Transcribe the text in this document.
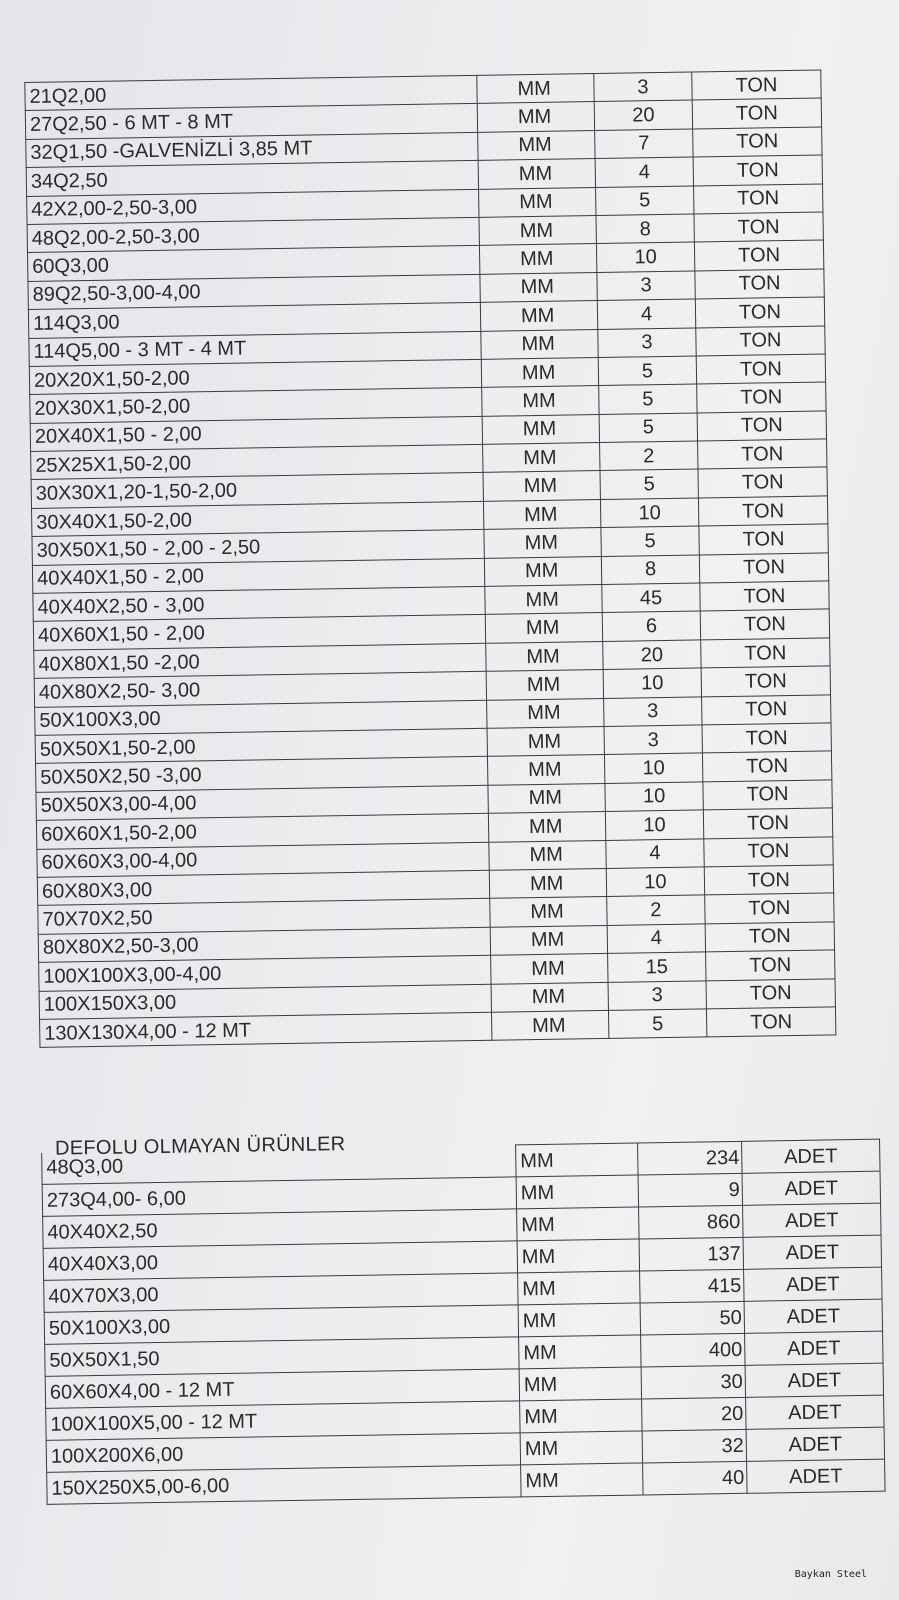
21Q2,00	MM	3	TON
27Q2,50 - 6 MT - 8 MT	MM	20	TON
32Q1,50 -GALVENİZLİ 3,85 MT	MM	7	TON
34Q2,50	MM	4	TON
42X2,00-2,50-3,00	MM	5	TON
48Q2,00-2,50-3,00	MM	8	TON
60Q3,00	MM	10	TON
89Q2,50-3,00-4,00	MM	3	TON
114Q3,00	MM	4	TON
114Q5,00 - 3 MT - 4 MT	MM	3	TON
20X20X1,50-2,00	MM	5	TON
20X30X1,50-2,00	MM	5	TON
20X40X1,50 - 2,00	MM	5	TON
25X25X1,50-2,00	MM	2	TON
30X30X1,20-1,50-2,00	MM	5	TON
30X40X1,50-2,00	MM	10	TON
30X50X1,50 - 2,00 - 2,50	MM	5	TON
40X40X1,50 - 2,00	MM	8	TON
40X40X2,50 - 3,00	MM	45	TON
40X60X1,50 - 2,00	MM	6	TON
40X80X1,50 -2,00	MM	20	TON
40X80X2,50- 3,00	MM	10	TON
50X100X3,00	MM	3	TON
50X50X1,50-2,00	MM	3	TON
50X50X2,50 -3,00	MM	10	TON
50X50X3,00-4,00	MM	10	TON
60X60X1,50-2,00	MM	10	TON
60X60X3,00-4,00	MM	4	TON
60X80X3,00	MM	10	TON
70X70X2,50	MM	2	TON
80X80X2,50-3,00	MM	4	TON
100X100X3,00-4,00	MM	15	TON
100X150X3,00	MM	3	TON
130X130X4,00 - 12 MT	MM	5	TON
DEFOLU OLMAYAN ÜRÜNLER
48Q3,00	MM	234	ADET
273Q4,00- 6,00	MM	9	ADET
40X40X2,50	MM	860	ADET
40X40X3,00	MM	137	ADET
40X70X3,00	MM	415	ADET
50X100X3,00	MM	50	ADET
50X50X1,50	MM	400	ADET
60X60X4,00 - 12 MT	MM	30	ADET
100X100X5,00 - 12 MT	MM	20	ADET
100X200X6,00	MM	32	ADET
150X250X5,00-6,00	MM	40	ADET
Baykan Steel
